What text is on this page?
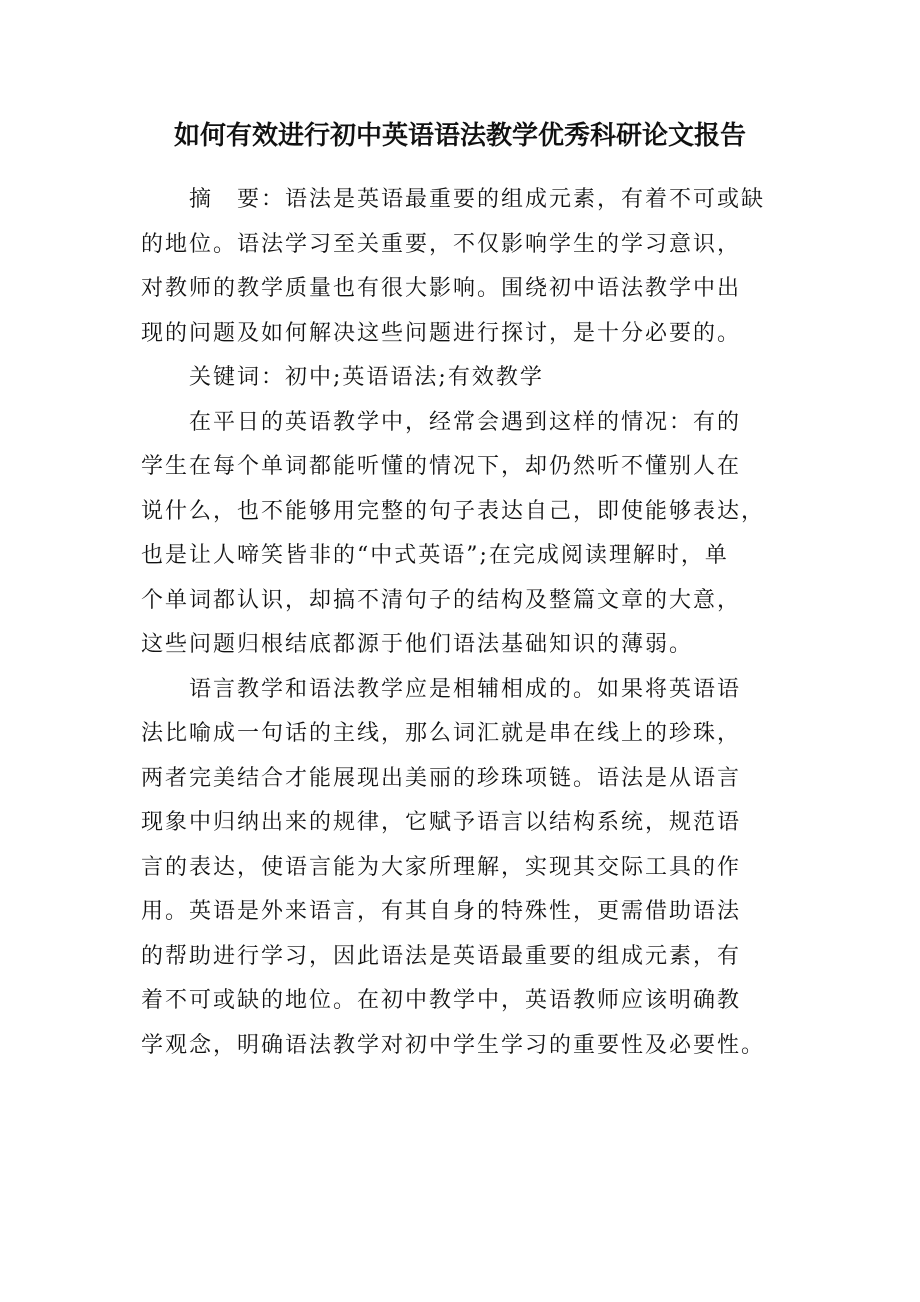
如何有效进行初中英语语法教学优秀科研论文报告
摘　要：语法是英语最重要的组成元素，有着不可或缺
的地位。语法学习至关重要，不仅影响学生的学习意识，
对教师的教学质量也有很大影响。围绕初中语法教学中出
现的问题及如何解决这些问题进行探讨，是十分必要的。
关键词：初中;英语语法;有效教学
在平日的英语教学中，经常会遇到这样的情况：有的
学生在每个单词都能听懂的情况下，却仍然听不懂别人在
说什么，也不能够用完整的句子表达自己，即使能够表达，
也是让人啼笑皆非的“中式英语”;在完成阅读理解时，单
个单词都认识，却搞不清句子的结构及整篇文章的大意，
这些问题归根结底都源于他们语法基础知识的薄弱。
语言教学和语法教学应是相辅相成的。如果将英语语
法比喻成一句话的主线，那么词汇就是串在线上的珍珠，
两者完美结合才能展现出美丽的珍珠项链。语法是从语言
现象中归纳出来的规律，它赋予语言以结构系统，规范语
言的表达，使语言能为大家所理解，实现其交际工具的作
用。英语是外来语言，有其自身的特殊性，更需借助语法
的帮助进行学习，因此语法是英语最重要的组成元素，有
着不可或缺的地位。在初中教学中，英语教师应该明确教
学观念，明确语法教学对初中学生学习的重要性及必要性。
